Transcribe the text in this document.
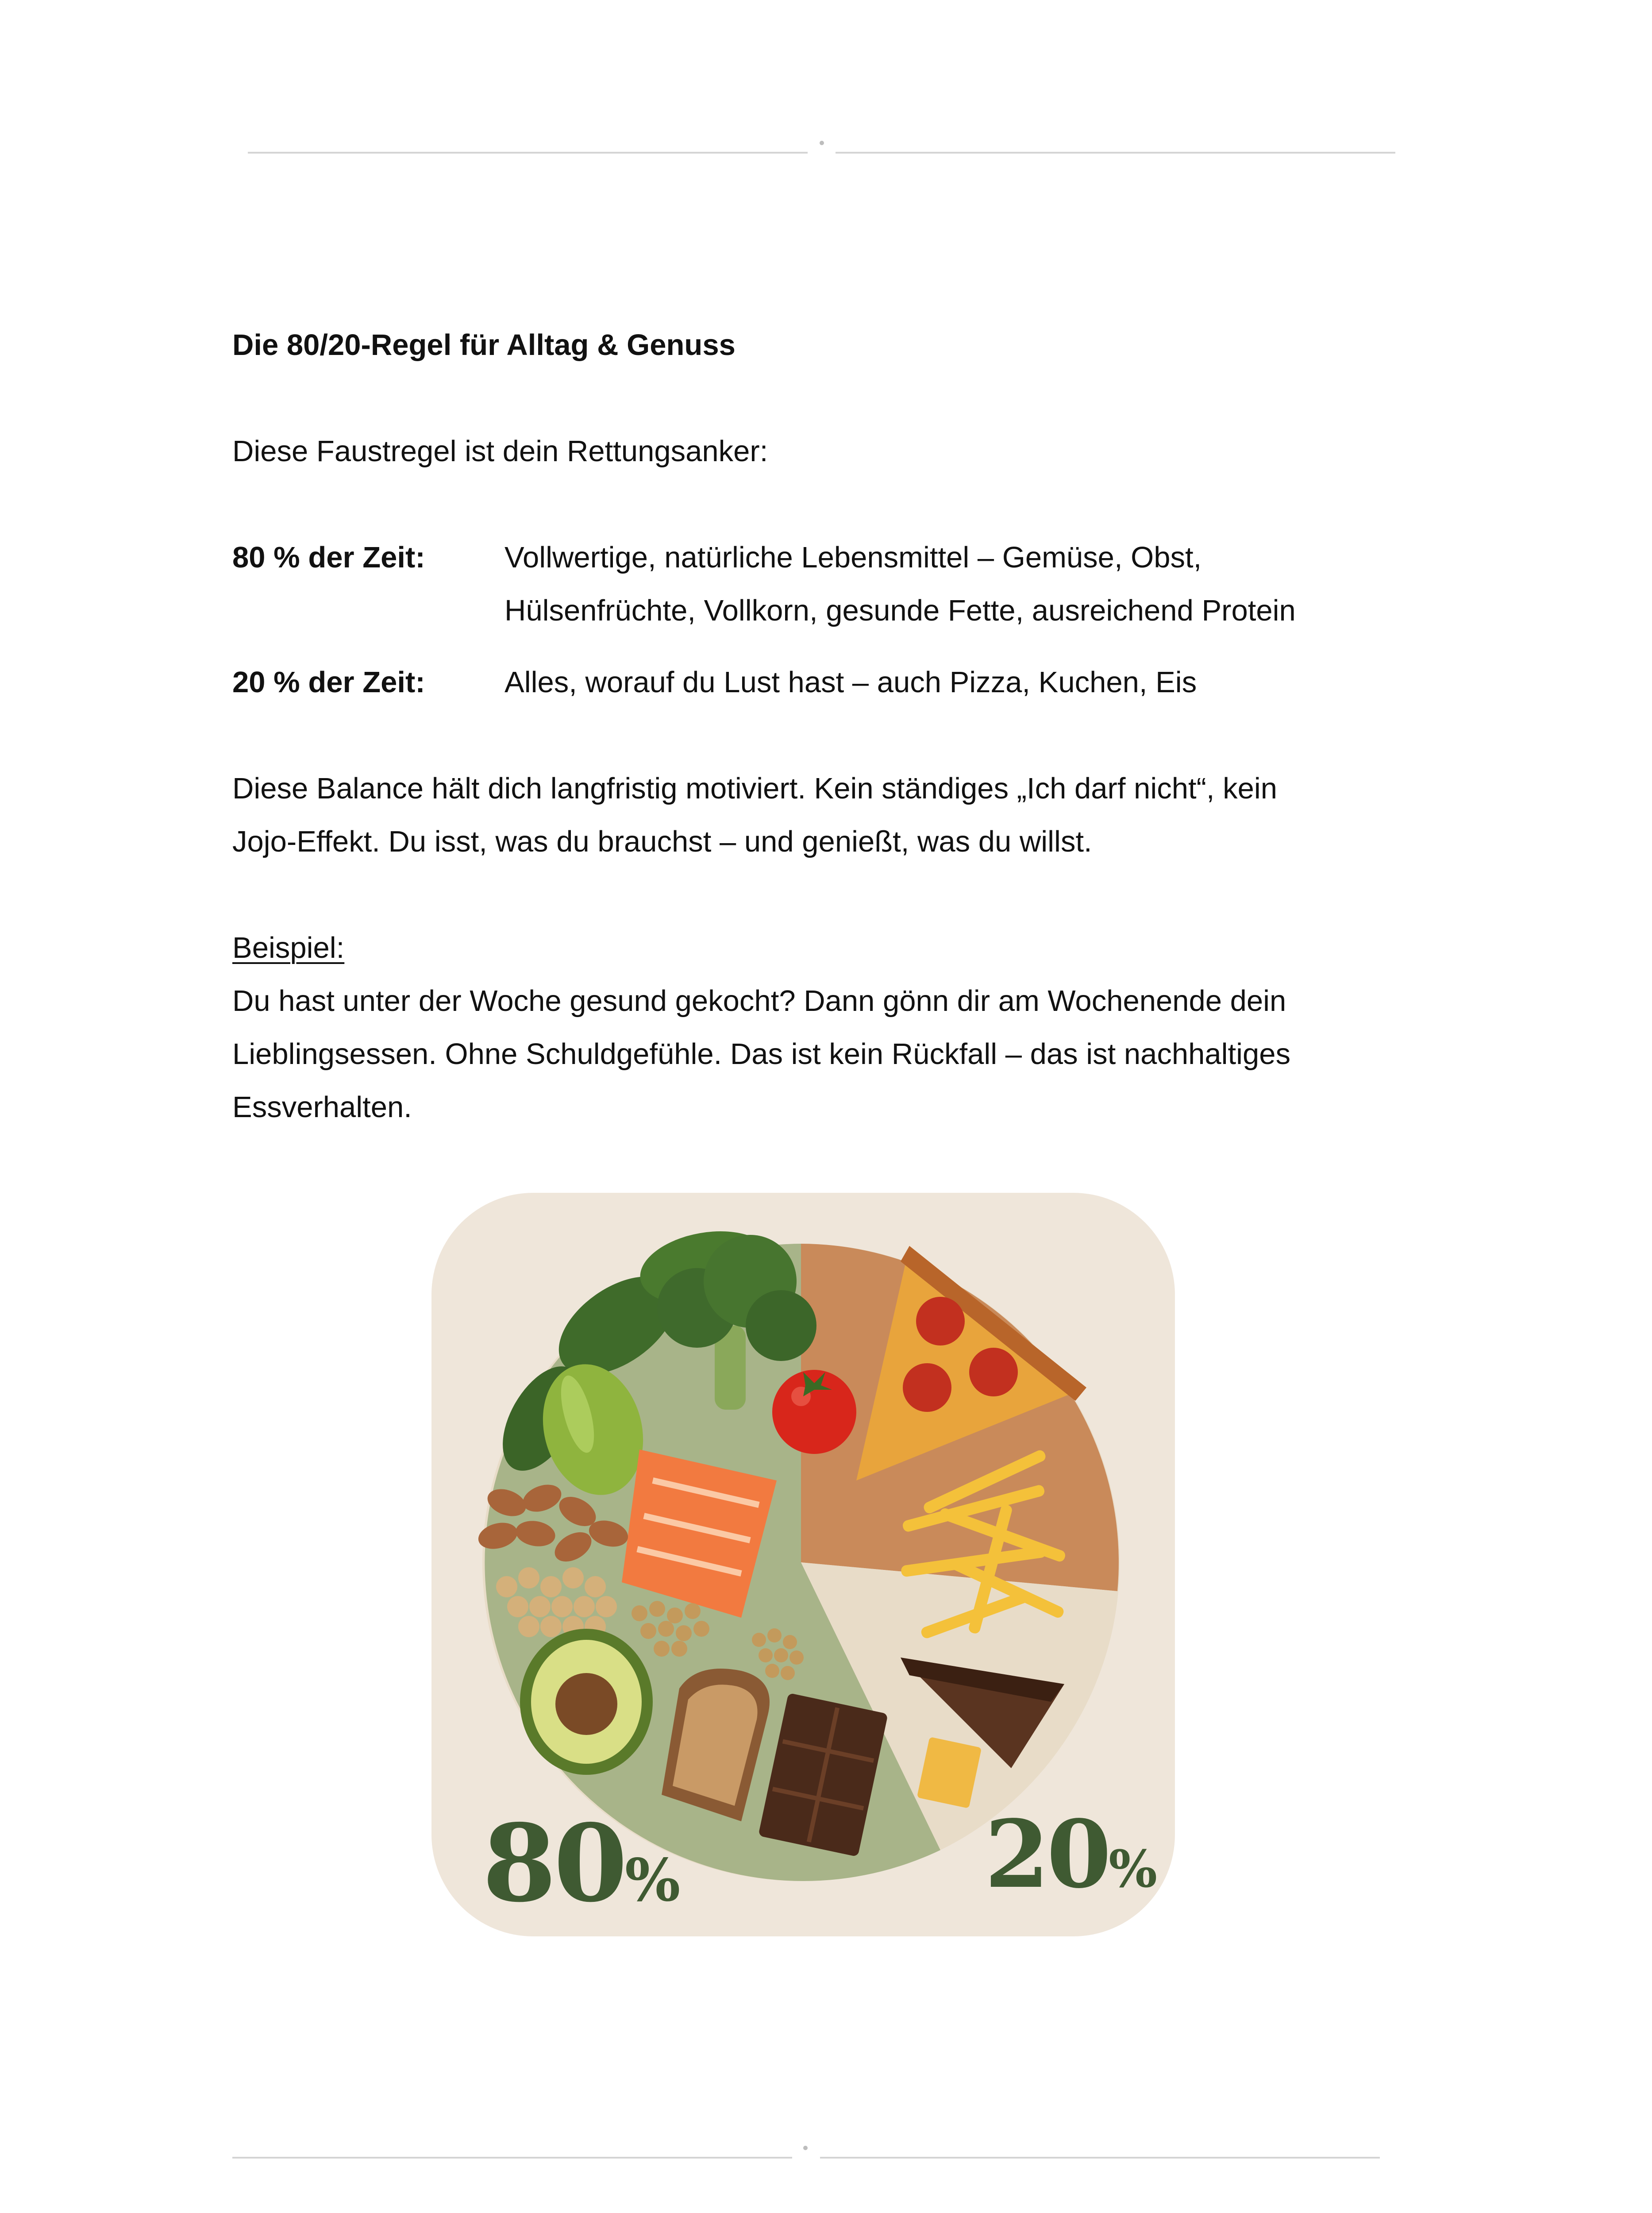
Die 80/20-Regel für Alltag & Genuss
Diese Faustregel ist dein Rettungsanker:
80 % der Zeit:	Vollwertige, natürliche Lebensmittel – Gemüse, Obst,
Hülsenfrüchte, Vollkorn, gesunde Fette, ausreichend Protein
20 % der Zeit:	Alles, worauf du Lust hast – auch Pizza, Kuchen, Eis
Diese Balance hält dich langfristig motiviert. Kein ständiges „Ich darf nicht“, kein
Jojo-Effekt. Du isst, was du brauchst – und genießt, was du willst.
Beispiel:
Du hast unter der Woche gesund gekocht? Dann gönn dir am Wochenende dein
Lieblingsessen. Ohne Schuldgefühle. Das ist kein Rückfall – das ist nachhaltiges
Essverhalten.
80%	20%
